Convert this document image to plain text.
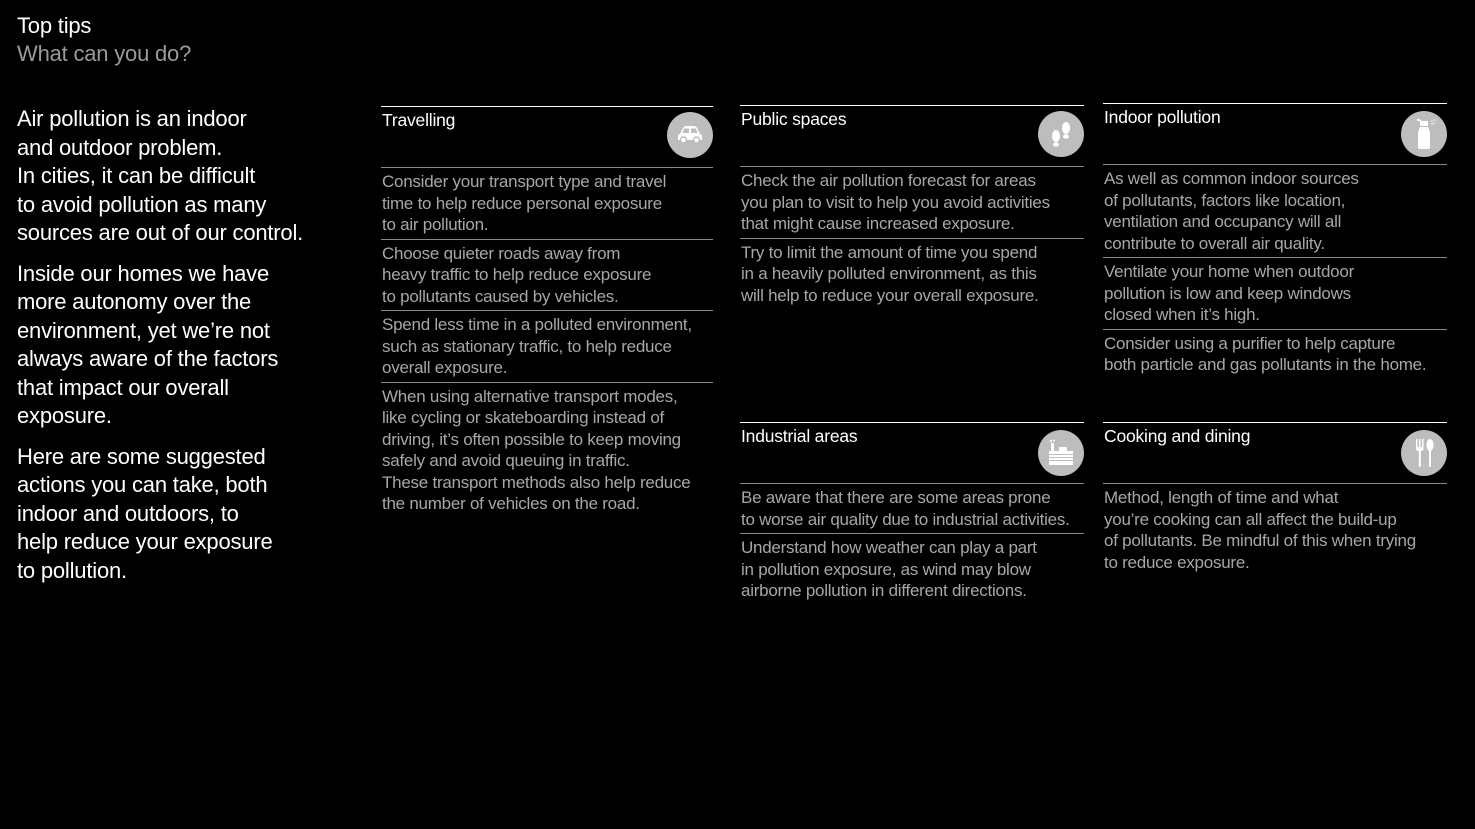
Top tips
What can you do?

Air pollution is an indoor
and outdoor problem.
In cities, it can be difficult
to avoid pollution as many
sources are out of our control.

Inside our homes we have
more autonomy over the
environment, yet we’re not
always aware of the factors
that impact our overall
exposure.

Here are some suggested
actions you can take, both
indoor and outdoors, to
help reduce your exposure
to pollution.

Travelling
Consider your transport type and travel
time to help reduce personal exposure
to air pollution.
Choose quieter roads away from
heavy traffic to help reduce exposure
to pollutants caused by vehicles.
Spend less time in a polluted environment,
such as stationary traffic, to help reduce
overall exposure.
When using alternative transport modes,
like cycling or skateboarding instead of
driving, it’s often possible to keep moving
safely and avoid queuing in traffic.
These transport methods also help reduce
the number of vehicles on the road.
Public spaces
Check the air pollution forecast for areas
you plan to visit to help you avoid activities
that might cause increased exposure.
Try to limit the amount of time you spend
in a heavily polluted environment, as this
will help to reduce your overall exposure.
Indoor pollution
As well as common indoor sources
of pollutants, factors like location,
ventilation and occupancy will all
contribute to overall air quality.
Ventilate your home when outdoor
pollution is low and keep windows
closed when it’s high.
Consider using a purifier to help capture
both particle and gas pollutants in the home.
Industrial areas
Be aware that there are some areas prone
to worse air quality due to industrial activities.
Understand how weather can play a part
in pollution exposure, as wind may blow
airborne pollution in different directions.
Cooking and dining
Method, length of time and what
you’re cooking can all affect the build-up
of pollutants. Be mindful of this when trying
to reduce exposure.
